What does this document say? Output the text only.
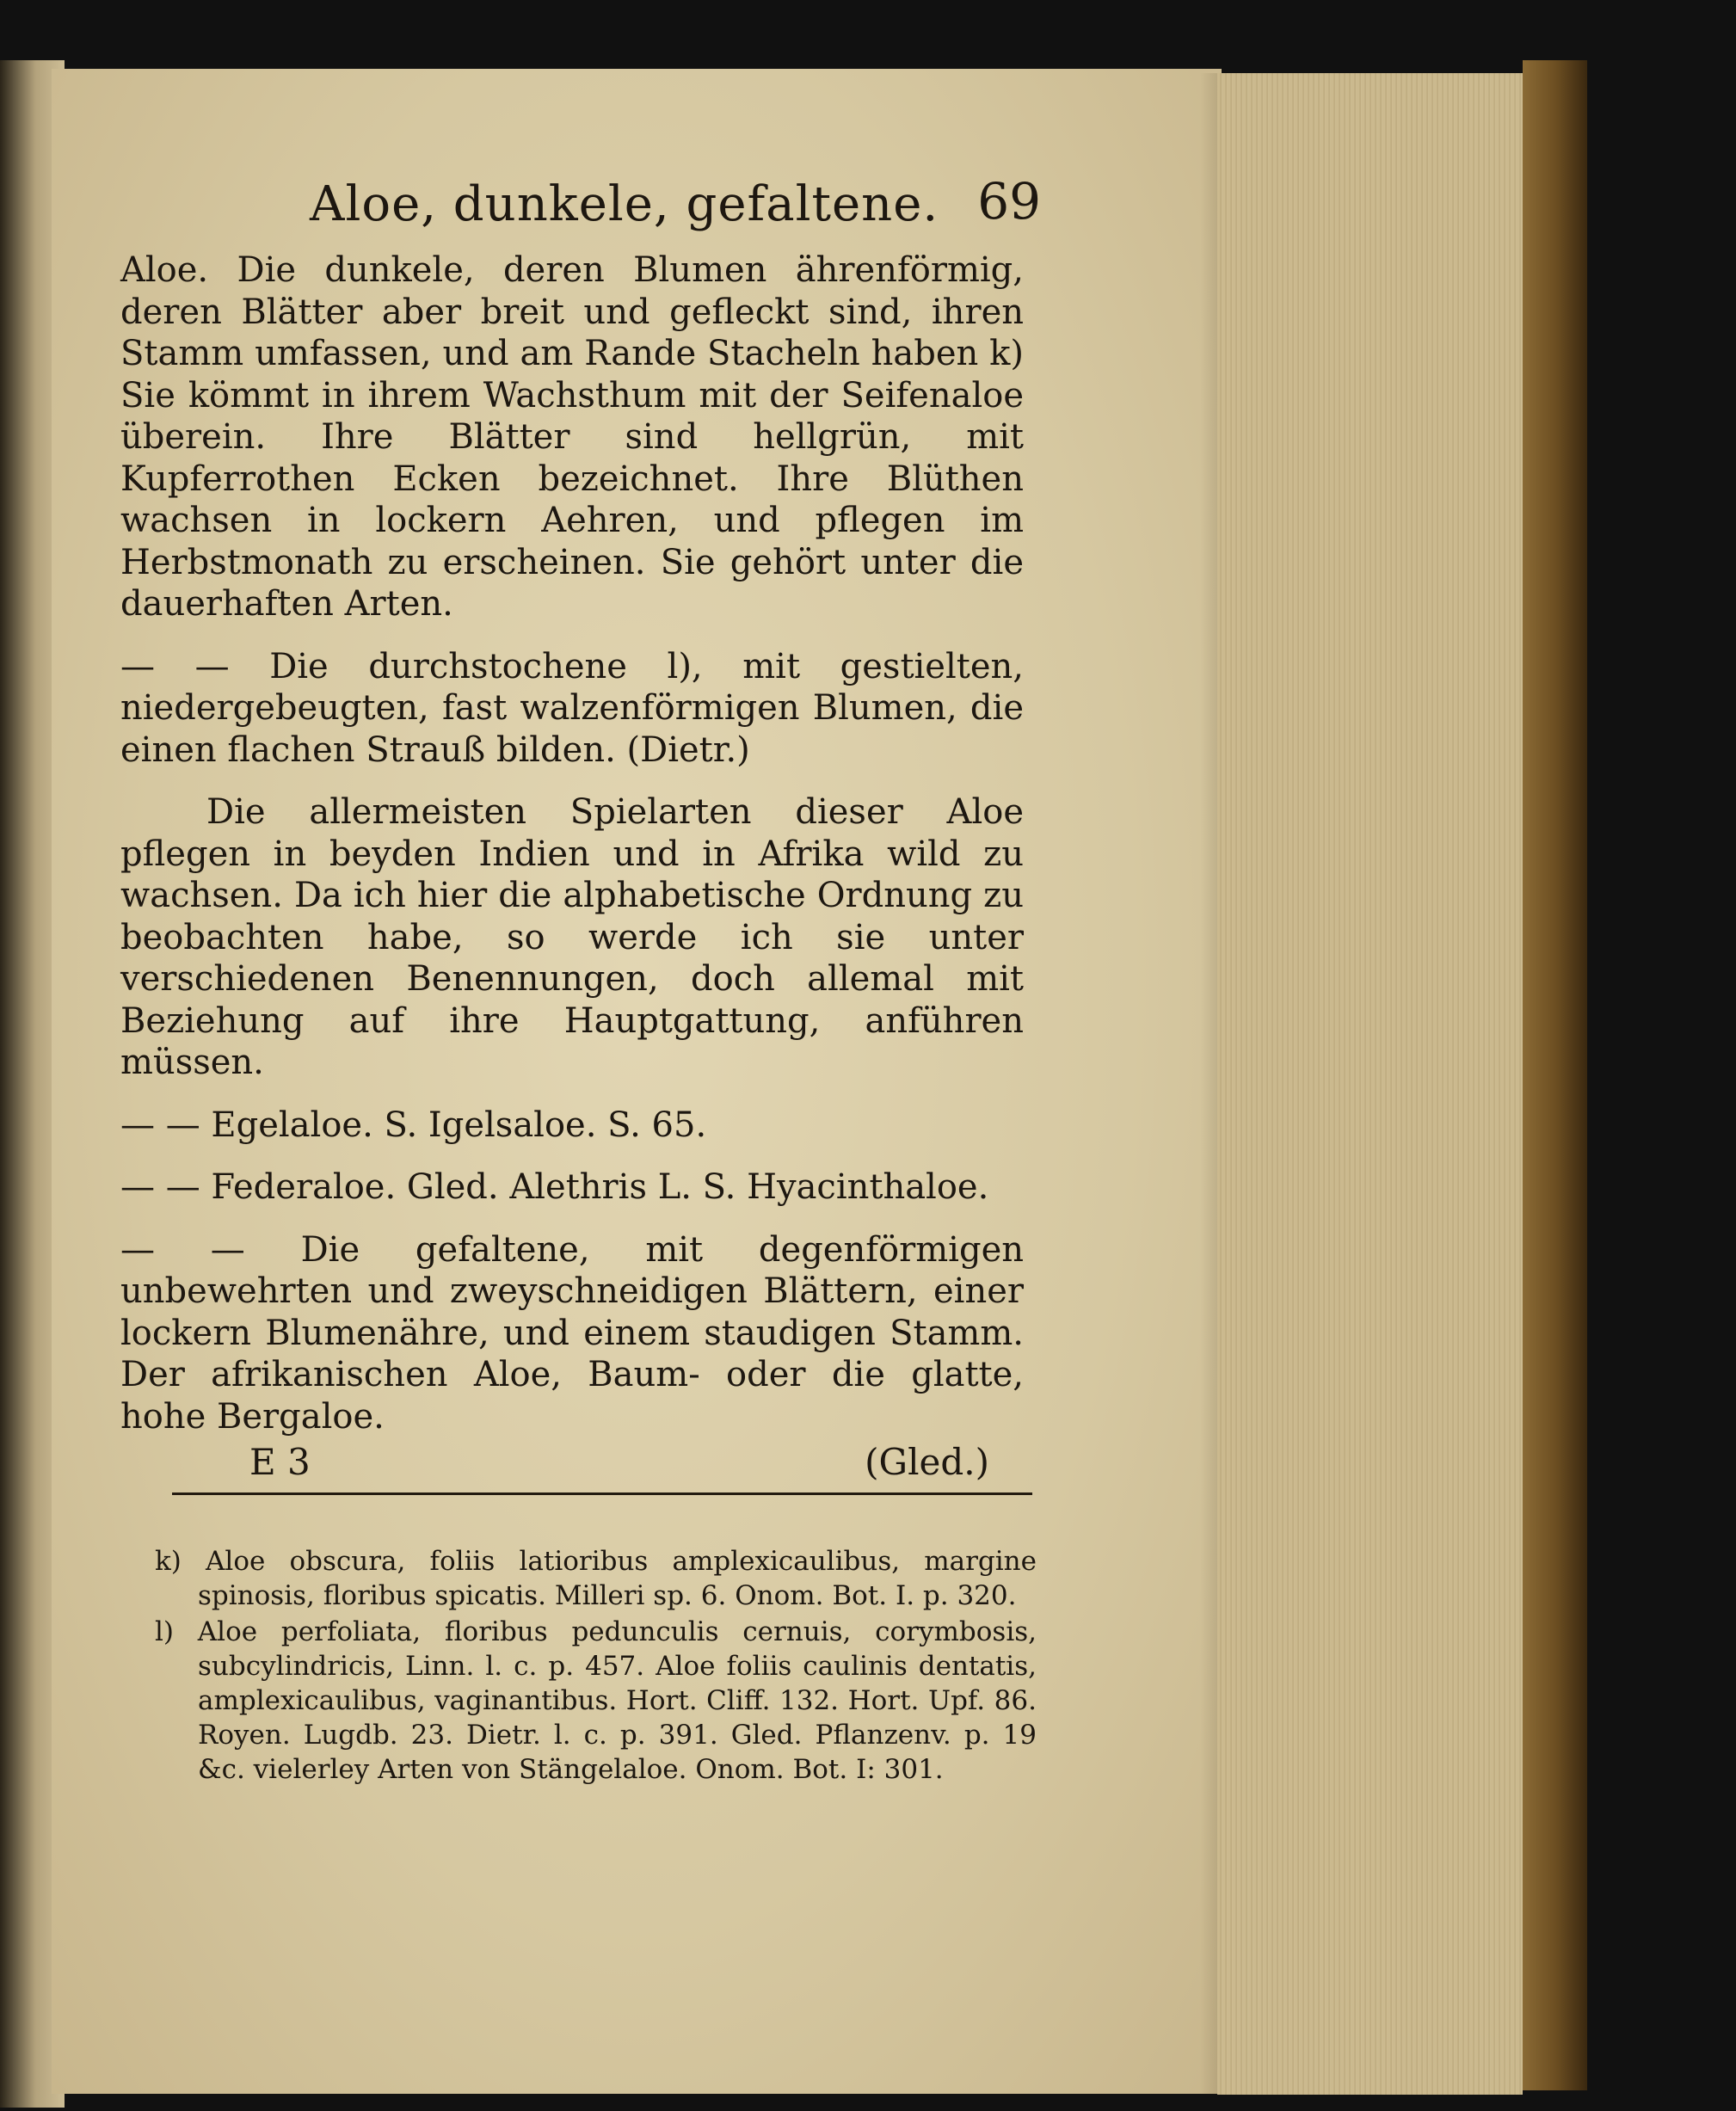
Aloe, dunkele, gefaltene. 69

Aloe. Die dunkele, deren Blumen ährenförmig, deren Blätter aber breit und gefleckt sind, ihren Stamm umfassen, und am Rande Stacheln haben k) Sie kömmt in ihrem Wachsthum mit der Seifenaloe überein. Ihre Blätter sind hellgrün, mit Kupferrothen Ecken bezeichnet. Ihre Blüthen wachsen in lockern Aehren, und pflegen im Herbstmonath zu erscheinen. Sie gehört unter die dauerhaften Arten.

— — Die durchstochene l), mit gestielten, niedergebeugten, fast walzenförmigen Blumen, die einen flachen Strauß bilden. (Dietr.)

Die allermeisten Spielarten dieser Aloe pflegen in beyden Indien und in Afrika wild zu wachsen. Da ich hier die alphabetische Ordnung zu beobachten habe, so werde ich sie unter verschiedenen Benennungen, doch allemal mit Beziehung auf ihre Hauptgattung, anführen müssen.

— — Egelaloe. S. Igelsaloe. S. 65.

— — Federaloe. Gled. Alethris L. S. Hyacinthaloe.

— — Die gefaltene, mit degenförmigen unbewehrten und zweyschneidigen Blättern, einer lockern Blumenähre, und einem staudigen Stamm. Der afrikanischen Aloe, Baum- oder die glatte, hohe Bergaloe.

E 3	(Gled.)
k) Aloe obscura, foliis latioribus amplexicaulibus, margine spinosis, floribus spicatis. Milleri sp. 6. Onom. Bot. I. p. 320.
l) Aloe perfoliata, floribus pedunculis cernuis, corymbosis, subcylindricis, Linn. l. c. p. 457. Aloe foliis caulinis dentatis, amplexicaulibus, vaginantibus. Hort. Cliff. 132. Hort. Upf. 86. Royen. Lugdb. 23. Dietr. l. c. p. 391. Gled. Pflanzenv. p. 19 &c. vielerley Arten von Stängelaloe. Onom. Bot. I: 301.
